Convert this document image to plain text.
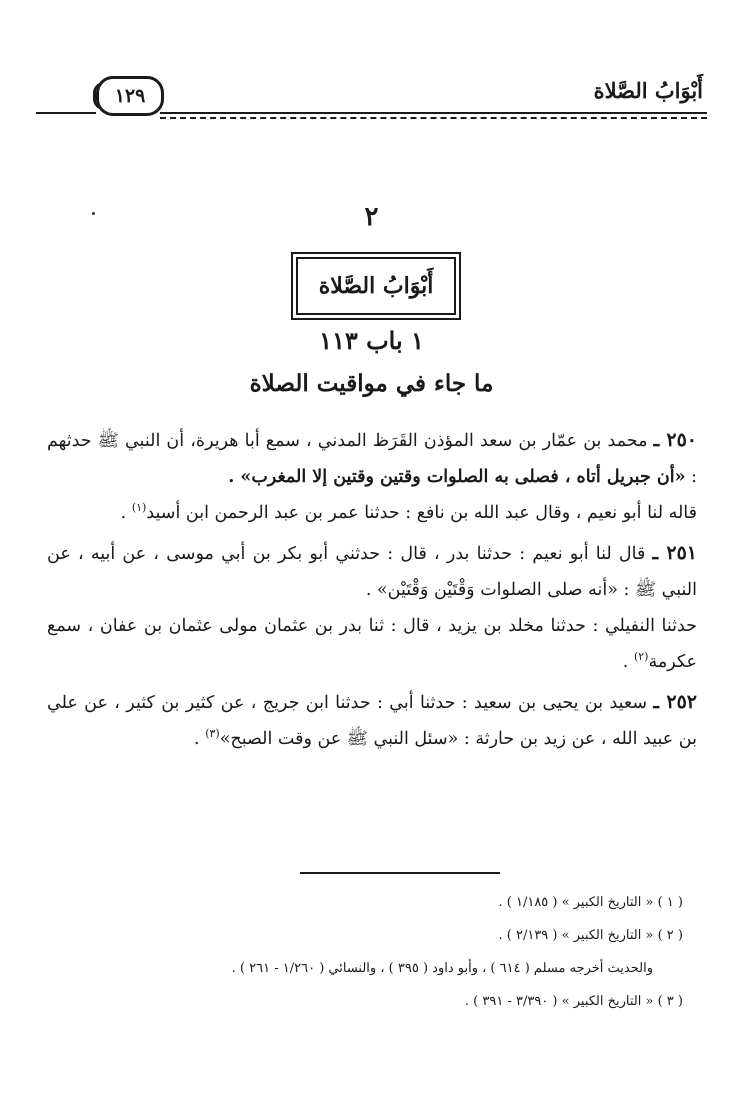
أَبْوَابُ الصَّلاة
١٢٩
٢
أَبْوَابُ الصَّلاة
١ باب ١١٣
ما جاء في مواقيت الصلاة

٢٥٠ ـ محمد بن عمّار بن سعد المؤذن القَرَظ المدني ، سمع أبا هريرة، أن النبي ﷺ حدثهم : «أن جبريل أتاه ، فصلى به الصلوات وقتين وقتين إلا المغرب» .

قاله لنا أبو نعيم ، وقال عبد الله بن نافع : حدثنا عمر بن عبد الرحمن ابن أسيد$^{(١)}$ .

٢٥١ ـ قال لنا أبو نعيم : حدثنا بدر ، قال : حدثني أبو بكر بن أبي موسى ، عن أبيه ، عن النبي ﷺ : «أنه صلى الصلوات وَقْتَيْن وَقْتَيْن» .

حدثنا النفيلي : حدثنا مخلد بن يزيد ، قال : ثنا بدر بن عثمان مولى عثمان بن عفان ، سمع عكرمة$^{(٢)}$ .

٢٥٢ ـ سعيد بن يحيى بن سعيد : حدثنا أبي : حدثنا ابن جريج ، عن كثير بن كثير ، عن علي بن عبيد الله ، عن زيد بن حارثة : «سئل النبي ﷺ عن وقت الصبح»$^{(٣)}$ .

( ١ ) « التاريخ الكبير » ( ١/١٨٥ ) .
( ٢ ) « التاريخ الكبير » ( ٢/١٣٩ ) .
والحديث أخرجه مسلم ( ٦١٤ ) ، وأبو داود ( ٣٩٥ ) ، والنسائي ( ١/٢٦٠ - ٢٦١ ) .
( ٣ ) « التاريخ الكبير » ( ٣/٣٩٠ - ٣٩١ ) .
